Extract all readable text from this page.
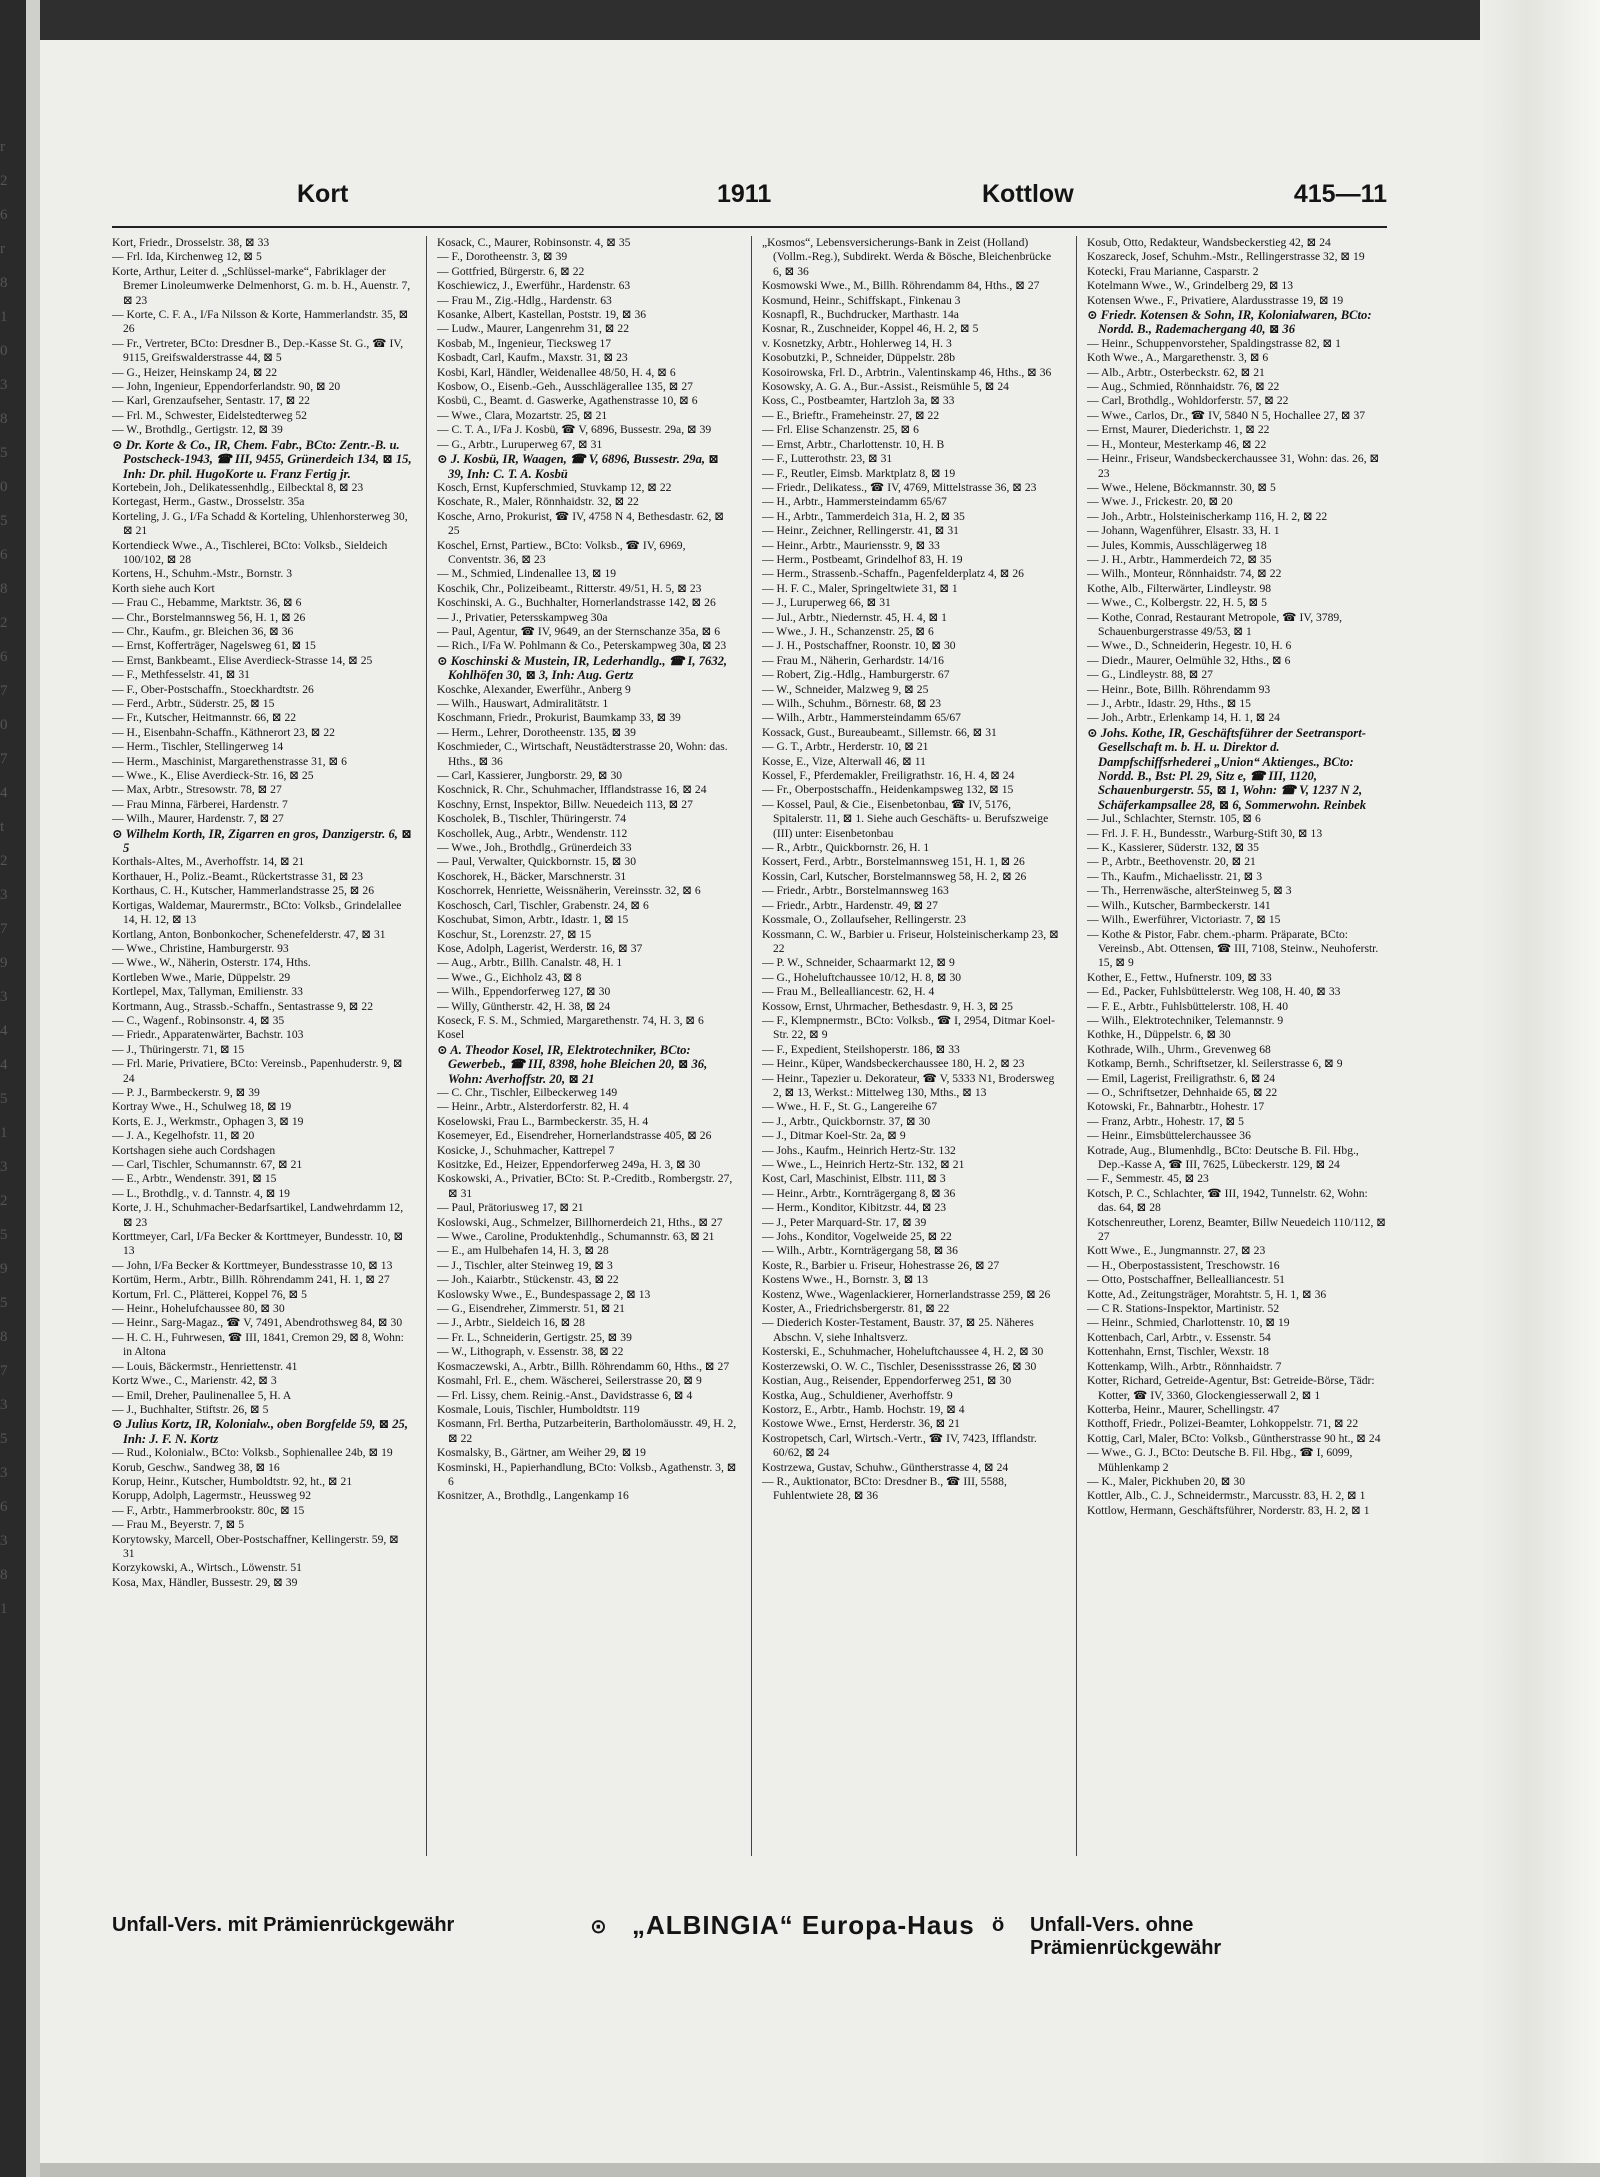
r
2
6
r
8
1
0
3
8
5
0
5
6
8
2
6
7
0
7
4
t
2
3
7
9
3
4
4
5
1
3
2
5
9
5
8
7
3
5
3
6
3
8
1
Kort	1911	Kottlow	415—11

Kort, Friedr., Drosselstr. 38, ⊠ 33

— Frl. Ida, Kirchenweg 12, ⊠ 5

Korte, Arthur, Leiter d. „Schlüssel-marke“, Fabriklager der Bremer Linoleumwerke Delmenhorst, G. m. b. H., Auenstr. 7, ⊠ 23

— Korte, C. F. A., I/Fa Nilsson & Korte, Hammerlandstr. 35, ⊠ 26

— Fr., Vertreter, BCto: Dresdner B., Dep.-Kasse St. G., ☎ IV, 9115, Greifswalderstrasse 44, ⊠ 5

— G., Heizer, Heinskamp 24, ⊠ 22

— John, Ingenieur, Eppendorferlandstr. 90, ⊠ 20

— Karl, Grenzaufseher, Sentastr. 17, ⊠ 22

— Frl. M., Schwester, Eidelstedterweg 52

— W., Brothdlg., Gertigstr. 12, ⊠ 39

⊙ Dr. Korte & Co., IR, Chem. Fabr., BCto: Zentr.-B. u. Postscheck-1943, ☎ III, 9455, Grünerdeich 134, ⊠ 15, Inh: Dr. phil. HugoKorte u. Franz Fertig jr.

Kortebein, Joh., Delikatessenhdlg., Eilbecktal 8, ⊠ 23

Kortegast, Herm., Gastw., Drosselstr. 35a

Korteling, J. G., I/Fa Schadd & Korteling, Uhlenhorsterweg 30, ⊠ 21

Kortendieck Wwe., A., Tischlerei, BCto: Volksb., Sieldeich 100/102, ⊠ 28

Kortens, H., Schuhm.-Mstr., Bornstr. 3

Korth siehe auch Kort

— Frau C., Hebamme, Marktstr. 36, ⊠ 6

— Chr., Borstelmannsweg 56, H. 1, ⊠ 26

— Chr., Kaufm., gr. Bleichen 36, ⊠ 36

— Ernst, Kofferträger, Nagelsweg 61, ⊠ 15

— Ernst, Bankbeamt., Elise Averdieck-Strasse 14, ⊠ 25

— F., Methfesselstr. 41, ⊠ 31

— F., Ober-Postschaffn., Stoeckhardtstr. 26

— Ferd., Arbtr., Süderstr. 25, ⊠ 15

— Fr., Kutscher, Heitmannstr. 66, ⊠ 22

— H., Eisenbahn-Schaffn., Käthnerort 23, ⊠ 22

— Herm., Tischler, Stellingerweg 14

— Herm., Maschinist, Margarethenstrasse 31, ⊠ 6

— Wwe., K., Elise Averdieck-Str. 16, ⊠ 25

— Max, Arbtr., Stresowstr. 78, ⊠ 27

— Frau Minna, Färberei, Hardenstr. 7

— Wilh., Maurer, Hardenstr. 7, ⊠ 27

⊙ Wilhelm Korth, IR, Zigarren en gros, Danzigerstr. 6, ⊠ 5

Korthals-Altes, M., Averhoffstr. 14, ⊠ 21

Korthauer, H., Poliz.-Beamt., Rückertstrasse 31, ⊠ 23

Korthaus, C. H., Kutscher, Hammerlandstrasse 25, ⊠ 26

Kortigas, Waldemar, Maurermstr., BCto: Volksb., Grindelallee 14, H. 12, ⊠ 13

Kortlang, Anton, Bonbonkocher, Schenefelderstr. 47, ⊠ 31

— Wwe., Christine, Hamburgerstr. 93

— Wwe., W., Näherin, Osterstr. 174, Hths.

Kortleben Wwe., Marie, Düppelstr. 29

Kortlepel, Max, Tallyman, Emilienstr. 33

Kortmann, Aug., Strassb.-Schaffn., Sentastrasse 9, ⊠ 22

— C., Wagenf., Robinsonstr. 4, ⊠ 35

— Friedr., Apparatenwärter, Bachstr. 103

— J., Thüringerstr. 71, ⊠ 15

— Frl. Marie, Privatiere, BCto: Vereinsb., Papenhuderstr. 9, ⊠ 24

— P. J., Barmbeckerstr. 9, ⊠ 39

Kortray Wwe., H., Schulweg 18, ⊠ 19

Korts, E. J., Werkmstr., Ophagen 3, ⊠ 19

— J. A., Kegelhofstr. 11, ⊠ 20

Kortshagen siehe auch Cordshagen

— Carl, Tischler, Schumannstr. 67, ⊠ 21

— E., Arbtr., Wendenstr. 391, ⊠ 15

— L., Brothdlg., v. d. Tannstr. 4, ⊠ 19

Korte, J. H., Schuhmacher-Bedarfsartikel, Landwehrdamm 12, ⊠ 23

Korttmeyer, Carl, I/Fa Becker & Korttmeyer, Bundesstr. 10, ⊠ 13

— John, I/Fa Becker & Korttmeyer, Bundesstrasse 10, ⊠ 13

Kortüm, Herm., Arbtr., Billh. Röhrendamm 241, H. 1, ⊠ 27

Kortum, Frl. C., Plätterei, Koppel 76, ⊠ 5

— Heinr., Hohelufchaussee 80, ⊠ 30

— Heinr., Sarg-Magaz., ☎ V, 7491, Abendrothsweg 84, ⊠ 30

— H. C. H., Fuhrwesen, ☎ III, 1841, Cremon 29, ⊠ 8, Wohn: in Altona

— Louis, Bäckermstr., Henriettenstr. 41

Kortz Wwe., C., Marienstr. 42, ⊠ 3

— Emil, Dreher, Paulinenallee 5, H. A

— J., Buchhalter, Stiftstr. 26, ⊠ 5

⊙ Julius Kortz, IR, Kolonialw., oben Borgfelde 59, ⊠ 25, Inh: J. F. N. Kortz

— Rud., Kolonialw., BCto: Volksb., Sophienallee 24b, ⊠ 19

Korub, Geschw., Sandweg 38, ⊠ 16

Korup, Heinr., Kutscher, Humboldtstr. 92, ht., ⊠ 21

Korupp, Adolph, Lagermstr., Heussweg 92

— F., Arbtr., Hammerbrookstr. 80c, ⊠ 15

— Frau M., Beyerstr. 7, ⊠ 5

Korytowsky, Marcell, Ober-Postschaffner, Kellingerstr. 59, ⊠ 31

Korzykowski, A., Wirtsch., Löwenstr. 51

Kosa, Max, Händler, Bussestr. 29, ⊠ 39

Kosack, C., Maurer, Robinsonstr. 4, ⊠ 35

— F., Dorotheenstr. 3, ⊠ 39

— Gottfried, Bürgerstr. 6, ⊠ 22

Koschiewicz, J., Ewerführ., Hardenstr. 63

— Frau M., Zig.-Hdlg., Hardenstr. 63

Kosanke, Albert, Kastellan, Poststr. 19, ⊠ 36

— Ludw., Maurer, Langenrehm 31, ⊠ 22

Kosbab, M., Ingenieur, Tiecksweg 17

Kosbadt, Carl, Kaufm., Maxstr. 31, ⊠ 23

Kosbi, Karl, Händler, Weidenallee 48/50, H. 4, ⊠ 6

Kosbow, O., Eisenb.-Geh., Ausschlägerallee 135, ⊠ 27

Kosbü, C., Beamt. d. Gaswerke, Agathenstrasse 10, ⊠ 6

— Wwe., Clara, Mozartstr. 25, ⊠ 21

— C. T. A., I/Fa J. Kosbü, ☎ V, 6896, Bussestr. 29a, ⊠ 39

— G., Arbtr., Luruperweg 67, ⊠ 31

⊙ J. Kosbü, IR, Waagen, ☎ V, 6896, Bussestr. 29a, ⊠ 39, Inh: C. T. A. Kosbü

Kosch, Ernst, Kupferschmied, Stuvkamp 12, ⊠ 22

Koschate, R., Maler, Rönnhaidstr. 32, ⊠ 22

Kosche, Arno, Prokurist, ☎ IV, 4758 N 4, Bethesdastr. 62, ⊠ 25

Koschel, Ernst, Partiew., BCto: Volksb., ☎ IV, 6969, Conventstr. 36, ⊠ 23

— M., Schmied, Lindenallee 13, ⊠ 19

Koschik, Chr., Polizeibeamt., Ritterstr. 49/51, H. 5, ⊠ 23

Koschinski, A. G., Buchhalter, Hornerlandstrasse 142, ⊠ 26

— J., Privatier, Petersskampweg 30a

— Paul, Agentur, ☎ IV, 9649, an der Sternschanze 35a, ⊠ 6

— Rich., I/Fa W. Pohlmann & Co., Peterskampweg 30a, ⊠ 23

⊙ Koschinski & Mustein, IR, Lederhandlg., ☎ I, 7632, Kohlhöfen 30, ⊠ 3, Inh: Aug. Gertz

Koschke, Alexander, Ewerführ., Anberg 9

— Wilh., Hauswart, Admiralitätstr. 1

Koschmann, Friedr., Prokurist, Baumkamp 33, ⊠ 39

— Herm., Lehrer, Dorotheenstr. 135, ⊠ 39

Koschmieder, C., Wirtschaft, Neustädterstrasse 20, Wohn: das. Hths., ⊠ 36

— Carl, Kassierer, Jungborstr. 29, ⊠ 30

Koschnick, R. Chr., Schuhmacher, Ifflandstrasse 16, ⊠ 24

Koschny, Ernst, Inspektor, Billw. Neuedeich 113, ⊠ 27

Koscholek, B., Tischler, Thüringerstr. 74

Koschollek, Aug., Arbtr., Wendenstr. 112

— Wwe., Joh., Brothdlg., Grünerdeich 33

— Paul, Verwalter, Quickbornstr. 15, ⊠ 30

Koschorek, H., Bäcker, Marschnerstr. 31

Koschorrek, Henriette, Weissnäherin, Vereinsstr. 32, ⊠ 6

Koschosch, Carl, Tischler, Grabenstr. 24, ⊠ 6

Koschubat, Simon, Arbtr., Idastr. 1, ⊠ 15

Koschur, St., Lorenzstr. 27, ⊠ 15

Kose, Adolph, Lagerist, Werderstr. 16, ⊠ 37

— Aug., Arbtr., Billh. Canalstr. 48, H. 1

— Wwe., G., Eichholz 43, ⊠ 8

— Wilh., Eppendorferweg 127, ⊠ 30

— Willy, Güntherstr. 42, H. 38, ⊠ 24

Koseck, F. S. M., Schmied, Margarethenstr. 74, H. 3, ⊠ 6

Kosel

⊙ A. Theodor Kosel, IR, Elektrotechniker, BCto: Gewerbeb., ☎ III, 8398, hohe Bleichen 20, ⊠ 36, Wohn: Averhoffstr. 20, ⊠ 21

— C. Chr., Tischler, Eilbeckerweg 149

— Heinr., Arbtr., Alsterdorferstr. 82, H. 4

Koselowski, Frau L., Barmbeckerstr. 35, H. 4

Kosemeyer, Ed., Eisendreher, Hornerlandstrasse 405, ⊠ 26

Kosicke, J., Schuhmacher, Kattrepel 7

Kositzke, Ed., Heizer, Eppendorferweg 249a, H. 3, ⊠ 30

Koskowski, A., Privatier, BCto: St. P.-Creditb., Rombergstr. 27, ⊠ 31

— Paul, Prätoriusweg 17, ⊠ 21

Koslowski, Aug., Schmelzer, Billhornerdeich 21, Hths., ⊠ 27

— Wwe., Caroline, Produktenhdlg., Schumannstr. 63, ⊠ 21

— E., am Hulbehafen 14, H. 3, ⊠ 28

— J., Tischler, alter Steinweg 19, ⊠ 3

— Joh., Kaiarbtr., Stückenstr. 43, ⊠ 22

Koslowsky Wwe., E., Bundespassage 2, ⊠ 13

— G., Eisendreher, Zimmerstr. 51, ⊠ 21

— J., Arbtr., Sieldeich 16, ⊠ 28

— Fr. L., Schneiderin, Gertigstr. 25, ⊠ 39

— W., Lithograph, v. Essenstr. 38, ⊠ 22

Kosmaczewski, A., Arbtr., Billh. Röhrendamm 60, Hths., ⊠ 27

Kosmahl, Frl. E., chem. Wäscherei, Seilerstrasse 20, ⊠ 9

— Frl. Lissy, chem. Reinig.-Anst., Davidstrasse 6, ⊠ 4

Kosmale, Louis, Tischler, Humboldtstr. 119

Kosmann, Frl. Bertha, Putzarbeiterin, Bartholomäusstr. 49, H. 2, ⊠ 22

Kosmalsky, B., Gärtner, am Weiher 29, ⊠ 19

Kosminski, H., Papierhandlung, BCto: Volksb., Agathenstr. 3, ⊠ 6

Kosnitzer, A., Brothdlg., Langenkamp 16

„Kosmos“, Lebensversicherungs-Bank in Zeist (Holland) (Vollm.-Reg.), Subdirekt. Werda & Bösche, Bleichenbrücke 6, ⊠ 36

Kosmowski Wwe., M., Billh. Röhrendamm 84, Hths., ⊠ 27

Kosmund, Heinr., Schiffskapt., Finkenau 3

Kosnapfl, R., Buchdrucker, Marthastr. 14a

Kosnar, R., Zuschneider, Koppel 46, H. 2, ⊠ 5

v. Kosnetzky, Arbtr., Hohlerweg 14, H. 3

Kosobutzki, P., Schneider, Düppelstr. 28b

Kosoirowska, Frl. D., Arbtrin., Valentinskamp 46, Hths., ⊠ 36

Kosowsky, A. G. A., Bur.-Assist., Reismühle 5, ⊠ 24

Koss, C., Postbeamter, Hartzloh 3a, ⊠ 33

— E., Brieftr., Frameheinstr. 27, ⊠ 22

— Frl. Elise Schanzenstr. 25, ⊠ 6

— Ernst, Arbtr., Charlottenstr. 10, H. B

— F., Lutterothstr. 23, ⊠ 31

— F., Reutler, Eimsb. Marktplatz 8, ⊠ 19

— Friedr., Delikatess., ☎ IV, 4769, Mittelstrasse 36, ⊠ 23

— H., Arbtr., Hammersteindamm 65/67

— H., Arbtr., Tammerdeich 31a, H. 2, ⊠ 35

— Heinr., Zeichner, Rellingerstr. 41, ⊠ 31

— Heinr., Arbtr., Mauriensstr. 9, ⊠ 33

— Herm., Postbeamt, Grindelhof 83, H. 19

— Herm., Strassenb.-Schaffn., Pagenfelderplatz 4, ⊠ 26

— H. F. C., Maler, Springeltwiete 31, ⊠ 1

— J., Luruperweg 66, ⊠ 31

— Jul., Arbtr., Niedernstr. 45, H. 4, ⊠ 1

— Wwe., J. H., Schanzenstr. 25, ⊠ 6

— J. H., Postschaffner, Roonstr. 10, ⊠ 30

— Frau M., Näherin, Gerhardstr. 14/16

— Robert, Zig.-Hdlg., Hamburgerstr. 67

— W., Schneider, Malzweg 9, ⊠ 25

— Wilh., Schuhm., Börnestr. 68, ⊠ 23

— Wilh., Arbtr., Hammersteindamm 65/67

Kossack, Gust., Bureaubeamt., Sillemstr. 66, ⊠ 31

— G. T., Arbtr., Herderstr. 10, ⊠ 21

Kosse, E., Vize, Alterwall 46, ⊠ 11

Kossel, F., Pferdemakler, Freiligrathstr. 16, H. 4, ⊠ 24

— Fr., Oberpostschaffn., Heidenkampsweg 132, ⊠ 15

— Kossel, Paul, & Cie., Eisenbetonbau, ☎ IV, 5176, Spitalerstr. 11, ⊠ 1. Siehe auch Geschäfts- u. Berufszweige (III) unter: Eisenbetonbau

— R., Arbtr., Quickbornstr. 26, H. 1

Kossert, Ferd., Arbtr., Borstelmannsweg 151, H. 1, ⊠ 26

Kossin, Carl, Kutscher, Borstelmannsweg 58, H. 2, ⊠ 26

— Friedr., Arbtr., Borstelmannsweg 163

— Friedr., Arbtr., Hardenstr. 49, ⊠ 27

Kossmale, O., Zollaufseher, Rellingerstr. 23

Kossmann, C. W., Barbier u. Friseur, Holsteinischerkamp 23, ⊠ 22

— P. W., Schneider, Schaarmarkt 12, ⊠ 9

— G., Hoheluftchaussee 10/12, H. 8, ⊠ 30

— Frau M., Bellealliancestr. 62, H. 4

Kossow, Ernst, Uhrmacher, Bethesdastr. 9, H. 3, ⊠ 25

— F., Klempnermstr., BCto: Volksb., ☎ I, 2954, Ditmar Koel-Str. 22, ⊠ 9

— F., Expedient, Steilshoperstr. 186, ⊠ 33

— Heinr., Küper, Wandsbeckerchaussee 180, H. 2, ⊠ 23

— Heinr., Tapezier u. Dekorateur, ☎ V, 5333 N1, Brodersweg 2, ⊠ 13, Werkst.: Mittelweg 130, Mths., ⊠ 13

— Wwe., H. F., St. G., Langereihe 67

— J., Arbtr., Quickbornstr. 37, ⊠ 30

— J., Ditmar Koel-Str. 2a, ⊠ 9

— Johs., Kaufm., Heinrich Hertz-Str. 132

— Wwe., L., Heinrich Hertz-Str. 132, ⊠ 21

Kost, Carl, Maschinist, Elbstr. 111, ⊠ 3

— Heinr., Arbtr., Kornträgergang 8, ⊠ 36

— Herm., Konditor, Kibitzstr. 44, ⊠ 23

— J., Peter Marquard-Str. 17, ⊠ 39

— Johs., Konditor, Vogelweide 25, ⊠ 22

— Wilh., Arbtr., Kornträgergang 58, ⊠ 36

Koste, R., Barbier u. Friseur, Hohestrasse 26, ⊠ 27

Kostens Wwe., H., Bornstr. 3, ⊠ 13

Kostenz, Wwe., Wagenlackierer, Hornerlandstrasse 259, ⊠ 26

Koster, A., Friedrichsbergerstr. 81, ⊠ 22

— Diederich Koster-Testament, Baustr. 37, ⊠ 25. Näheres Abschn. V, siehe Inhaltsverz.

Kosterski, E., Schuhmacher, Hoheluftchaussee 4, H. 2, ⊠ 30

Kosterzewski, O. W. C., Tischler, Desenissstrasse 26, ⊠ 30

Kostian, Aug., Reisender, Eppendorferweg 251, ⊠ 30

Kostka, Aug., Schuldiener, Averhoffstr. 9

Kostorz, E., Arbtr., Hamb. Hochstr. 19, ⊠ 4

Kostowe Wwe., Ernst, Herderstr. 36, ⊠ 21

Kostropetsch, Carl, Wirtsch.-Vertr., ☎ IV, 7423, Ifflandstr. 60/62, ⊠ 24

Kostrzewa, Gustav, Schuhw., Güntherstrasse 4, ⊠ 24

— R., Auktionator, BCto: Dresdner B., ☎ III, 5588, Fuhlentwiete 28, ⊠ 36

Kosub, Otto, Redakteur, Wandsbeckerstieg 42, ⊠ 24

Koszareck, Josef, Schuhm.-Mstr., Rellingerstrasse 32, ⊠ 19

Kotecki, Frau Marianne, Casparstr. 2

Kotelmann Wwe., W., Grindelberg 29, ⊠ 13

Kotensen Wwe., F., Privatiere, Alardusstrasse 19, ⊠ 19

⊙ Friedr. Kotensen & Sohn, IR, Kolonialwaren, BCto: Nordd. B., Rademachergang 40, ⊠ 36

— Heinr., Schuppenvorsteher, Spaldingstrasse 82, ⊠ 1

Koth Wwe., A., Margarethenstr. 3, ⊠ 6

— Alb., Arbtr., Osterbeckstr. 62, ⊠ 21

— Aug., Schmied, Rönnhaidstr. 76, ⊠ 22

— Carl, Brothdlg., Wohldorferstr. 57, ⊠ 22

— Wwe., Carlos, Dr., ☎ IV, 5840 N 5, Hochallee 27, ⊠ 37

— Ernst, Maurer, Diederichstr. 1, ⊠ 22

— H., Monteur, Mesterkamp 46, ⊠ 22

— Heinr., Friseur, Wandsbeckerchaussee 31, Wohn: das. 26, ⊠ 23

— Wwe., Helene, Böckmannstr. 30, ⊠ 5

— Wwe. J., Frickestr. 20, ⊠ 20

— Joh., Arbtr., Holsteinischerkamp 116, H. 2, ⊠ 22

— Johann, Wagenführer, Elsastr. 33, H. 1

— Jules, Kommis, Ausschlägerweg 18

— J. H., Arbtr., Hammerdeich 72, ⊠ 35

— Wilh., Monteur, Rönnhaidstr. 74, ⊠ 22

Kothe, Alb., Filterwärter, Lindleystr. 98

— Wwe., C., Kolbergstr. 22, H. 5, ⊠ 5

— Kothe, Conrad, Restaurant Metropole, ☎ IV, 3789, Schauenburgerstrasse 49/53, ⊠ 1

— Wwe., D., Schneiderin, Hegestr. 10, H. 6

— Diedr., Maurer, Oelmühle 32, Hths., ⊠ 6

— G., Lindleystr. 88, ⊠ 27

— Heinr., Bote, Billh. Röhrendamm 93

— J., Arbtr., Idastr. 29, Hths., ⊠ 15

— Joh., Arbtr., Erlenkamp 14, H. 1, ⊠ 24

⊙ Johs. Kothe, IR, Geschäftsführer der Seetransport-Gesellschaft m. b. H. u. Direktor d. Dampfschiffsrhederei „Union“ Aktienges., BCto: Nordd. B., Bst: Pl. 29, Sitz e, ☎ III, 1120, Schauenburgerstr. 55, ⊠ 1, Wohn: ☎ V, 1237 N 2, Schäferkampsallee 28, ⊠ 6, Sommerwohn. Reinbek

— Jul., Schlachter, Sternstr. 105, ⊠ 6

— Frl. J. F. H., Bundesstr., Warburg-Stift 30, ⊠ 13

— K., Kassierer, Süderstr. 132, ⊠ 35

— P., Arbtr., Beethovenstr. 20, ⊠ 21

— Th., Kaufm., Michaelisstr. 21, ⊠ 3

— Th., Herrenwäsche, alterSteinweg 5, ⊠ 3

— Wilh., Kutscher, Barmbeckerstr. 141

— Wilh., Ewerführer, Victoriastr. 7, ⊠ 15

— Kothe & Pistor, Fabr. chem.-pharm. Präparate, BCto: Vereinsb., Abt. Ottensen, ☎ III, 7108, Steinw., Neuhoferstr. 15, ⊠ 9

Kother, E., Fettw., Hufnerstr. 109, ⊠ 33

— Ed., Packer, Fuhlsbüttelerstr. Weg 108, H. 40, ⊠ 33

— F. E., Arbtr., Fuhlsbüttelerstr. 108, H. 40

— Wilh., Elektrotechniker, Telemannstr. 9

Kothke, H., Düppelstr. 6, ⊠ 30

Kothrade, Wilh., Uhrm., Grevenweg 68

Kotkamp, Bernh., Schriftsetzer, kl. Seilerstrasse 6, ⊠ 9

— Emil, Lagerist, Freiligrathstr. 6, ⊠ 24

— O., Schriftsetzer, Dehnhaide 65, ⊠ 22

Kotowski, Fr., Bahnarbtr., Hohestr. 17

— Franz, Arbtr., Hohestr. 17, ⊠ 5

— Heinr., Eimsbüttelerchaussee 36

Kotrade, Aug., Blumenhdlg., BCto: Deutsche B. Fil. Hbg., Dep.-Kasse A, ☎ III, 7625, Lübeckerstr. 129, ⊠ 24

— F., Semmestr. 45, ⊠ 23

Kotsch, P. C., Schlachter, ☎ III, 1942, Tunnelstr. 62, Wohn: das. 64, ⊠ 28

Kotschenreuther, Lorenz, Beamter, Billw Neuedeich 110/112, ⊠ 27

Kott Wwe., E., Jungmannstr. 27, ⊠ 23

— H., Oberpostassistent, Treschowstr. 16

— Otto, Postschaffner, Bellealliancestr. 51

Kotte, Ad., Zeitungsträger, Morahtstr. 5, H. 1, ⊠ 36

— C R. Stations-Inspektor, Martinistr. 52

— Heinr., Schmied, Charlottenstr. 10, ⊠ 19

Kottenbach, Carl, Arbtr., v. Essenstr. 54

Kottenhahn, Ernst, Tischler, Wexstr. 18

Kottenkamp, Wilh., Arbtr., Rönnhaidstr. 7

Kotter, Richard, Getreide-Agentur, Bst: Getreide-Börse, Tädr: Kotter, ☎ IV, 3360, Glockengiesserwall 2, ⊠ 1

Kotterba, Heinr., Maurer, Schellingstr. 47

Kotthoff, Friedr., Polizei-Beamter, Lohkoppelstr. 71, ⊠ 22

Kottig, Carl, Maler, BCto: Volksb., Güntherstrasse 90 ht., ⊠ 24

— Wwe., G. J., BCto: Deutsche B. Fil. Hbg., ☎ I, 6099, Mühlenkamp 2

— K., Maler, Pickhuben 20, ⊠ 30

Kottler, Alb., C. J., Schneidermstr., Marcusstr. 83, H. 2, ⊠ 1

Kottlow, Hermann, Geschäftsführer, Norderstr. 83, H. 2, ⊠ 1

Unfall-Vers. mit Prämienrückgewähr	⊙ „ALBINGIA“ Europa-Haus ö Unfall-Vers. ohne Prämienrückgewähr
